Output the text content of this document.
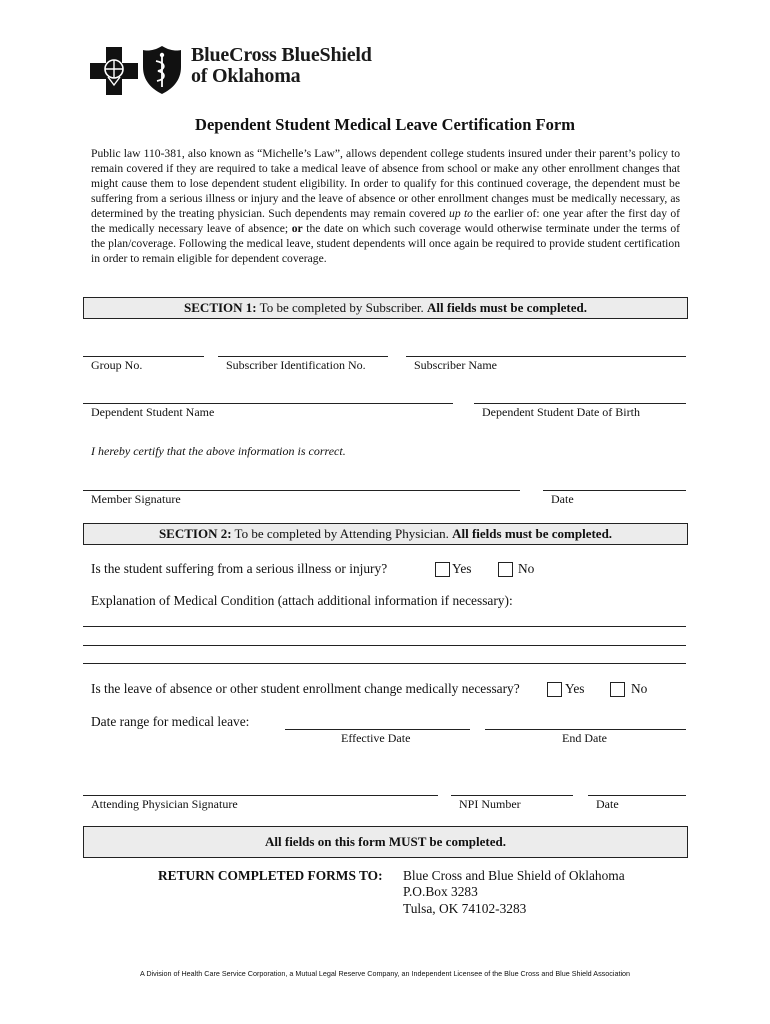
BlueCross BlueShield
of Oklahoma
Dependent Student Medical Leave Certification Form
Public law 110-381, also known as “Michelle’s Law”, allows dependent college students insured under their parent’s policy to remain covered if they are required to take a medical leave of absence from school or make any other enrollment changes that might cause them to lose dependent student eligibility. In order to qualify for this continued coverage, the dependent must be suffering from a serious illness or injury and the leave of absence or other enrollment changes must be medically necessary, as determined by the treating physician. Such dependents may remain covered up to the earlier of: one year after the first day of the medically necessary leave of absence; or the date on which such coverage would otherwise terminate under the terms of the plan/coverage. Following the medical leave, student dependents will once again be required to provide student certification in order to remain eligible for dependent coverage.
SECTION 1: To be completed by Subscriber. All fields must be completed.
Group No.	Subscriber Identification No.	Subscriber Name
Dependent Student Name	Dependent Student Date of Birth
I hereby certify that the above information is correct.
Member Signature	Date
SECTION 2: To be completed by Attending Physician. All fields must be completed.
Is the student suffering from a serious illness or injury?	Yes	No
Explanation of Medical Condition (attach additional information if necessary):
Is the leave of absence or other student enrollment change medically necessary?	Yes	No
Date range for medical leave:
Effective Date	End Date
Attending Physician Signature	NPI Number	Date
All fields on this form MUST be completed.
RETURN COMPLETED FORMS TO: Blue Cross and Blue Shield of Oklahoma
P.O.Box 3283
Tulsa, OK 74102-3283
A Division of Health Care Service Corporation, a Mutual Legal Reserve Company, an Independent Licensee of the Blue Cross and Blue Shield Association
